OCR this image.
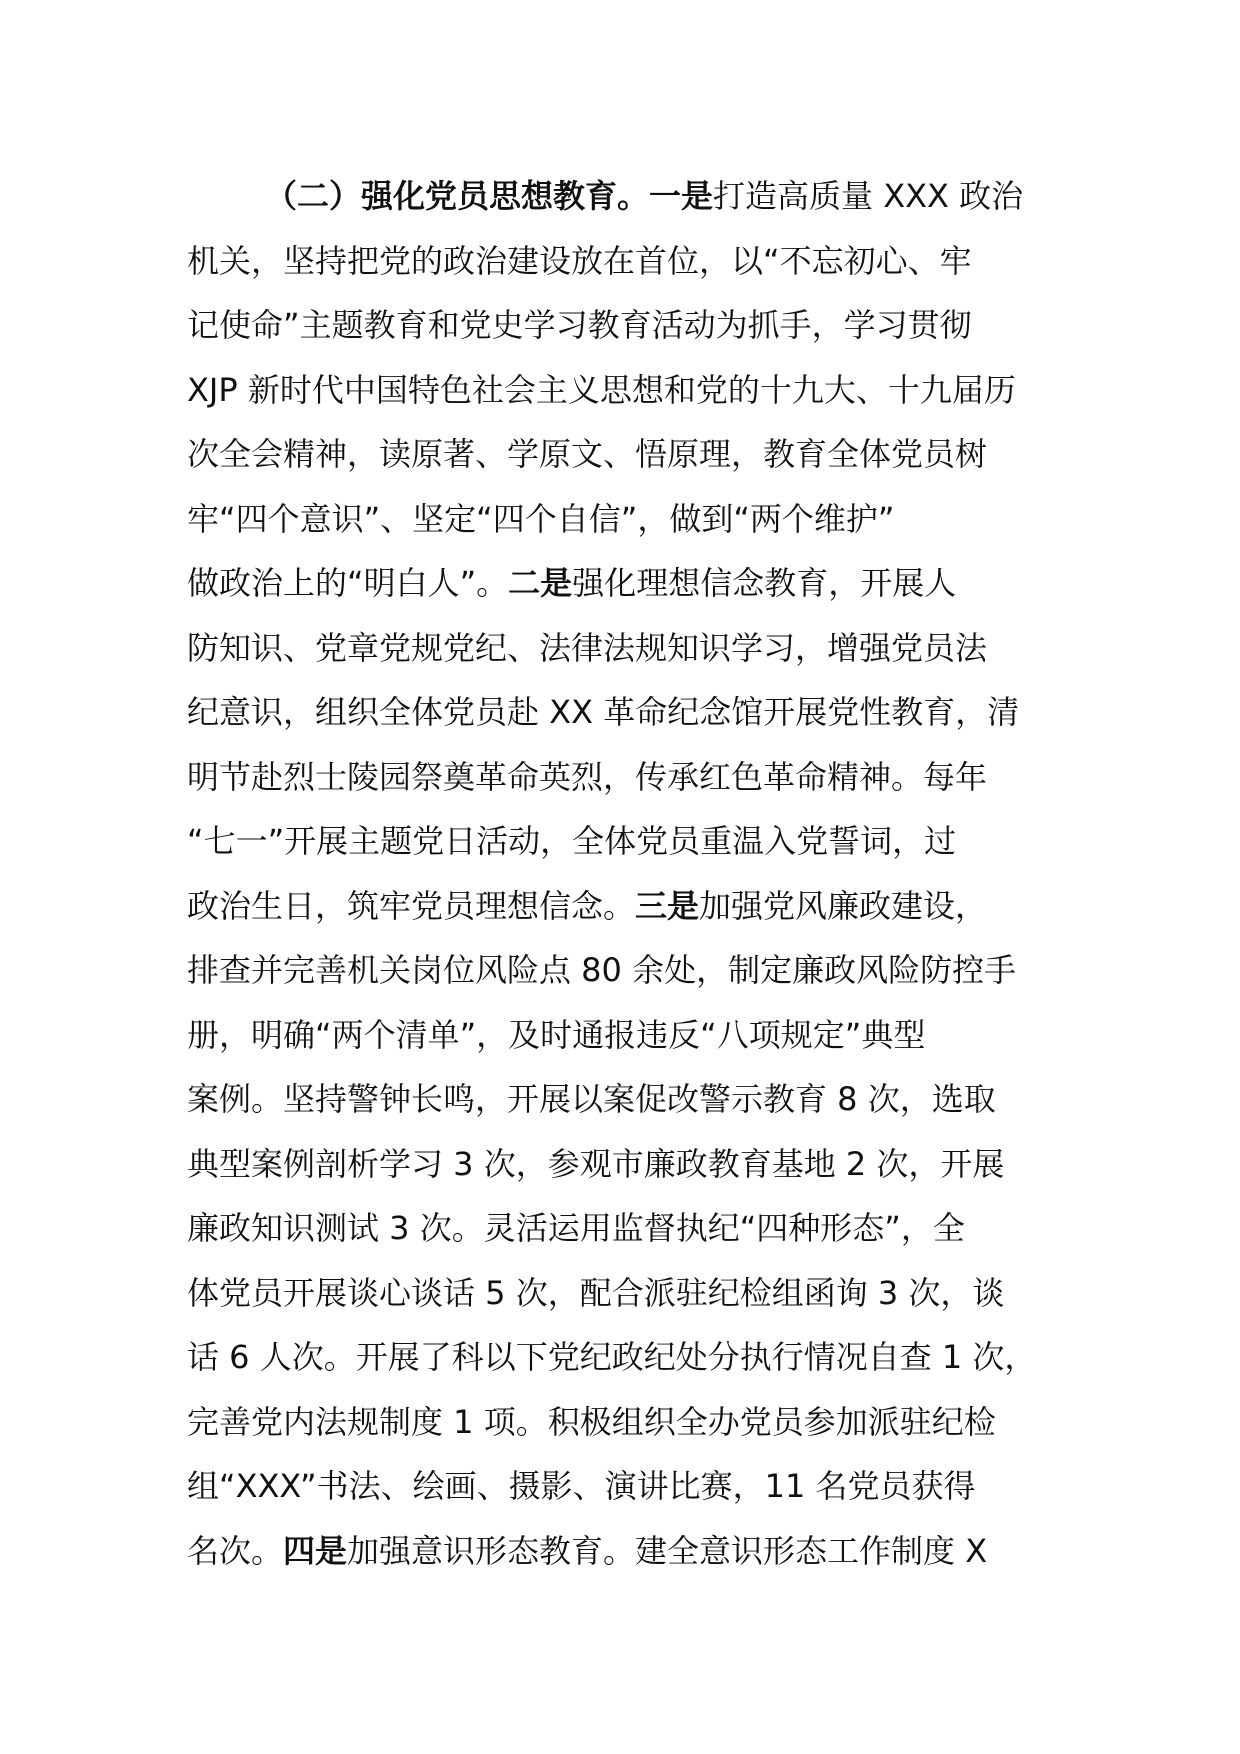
（二）强化党员思想教育。一是打造高质量 XXX 政治
机关，坚持把党的政治建设放在首位，以“不忘初心、牢
记使命”主题教育和党史学习教育活动为抓手，学习贯彻
XJP 新时代中国特色社会主义思想和党的十九大、十九届历
次全会精神，读原著、学原文、悟原理，教育全体党员树
牢“四个意识”、坚定“四个自信”，做到“两个维护”
做政治上的“明白人”。二是强化理想信念教育，开展人
防知识、党章党规党纪、法律法规知识学习，增强党员法
纪意识，组织全体党员赴 XX 革命纪念馆开展党性教育，清
明节赴烈士陵园祭奠革命英烈，传承红色革命精神。每年
“七一”开展主题党日活动，全体党员重温入党誓词，过
政治生日，筑牢党员理想信念。三是加强党风廉政建设，
排查并完善机关岗位风险点 80 余处，制定廉政风险防控手
册，明确“两个清单”，及时通报违反“八项规定”典型
案例。坚持警钟长鸣，开展以案促改警示教育 8 次，选取
典型案例剖析学习 3 次，参观市廉政教育基地 2 次，开展
廉政知识测试 3 次。灵活运用监督执纪“四种形态”，全
体党员开展谈心谈话 5 次，配合派驻纪检组函询 3 次，谈
话 6 人次。开展了科以下党纪政纪处分执行情况自查 1 次，
完善党内法规制度 1 项。积极组织全办党员参加派驻纪检
组“XXX”书法、绘画、摄影、演讲比赛，11 名党员获得
名次。四是加强意识形态教育。建全意识形态工作制度 X
